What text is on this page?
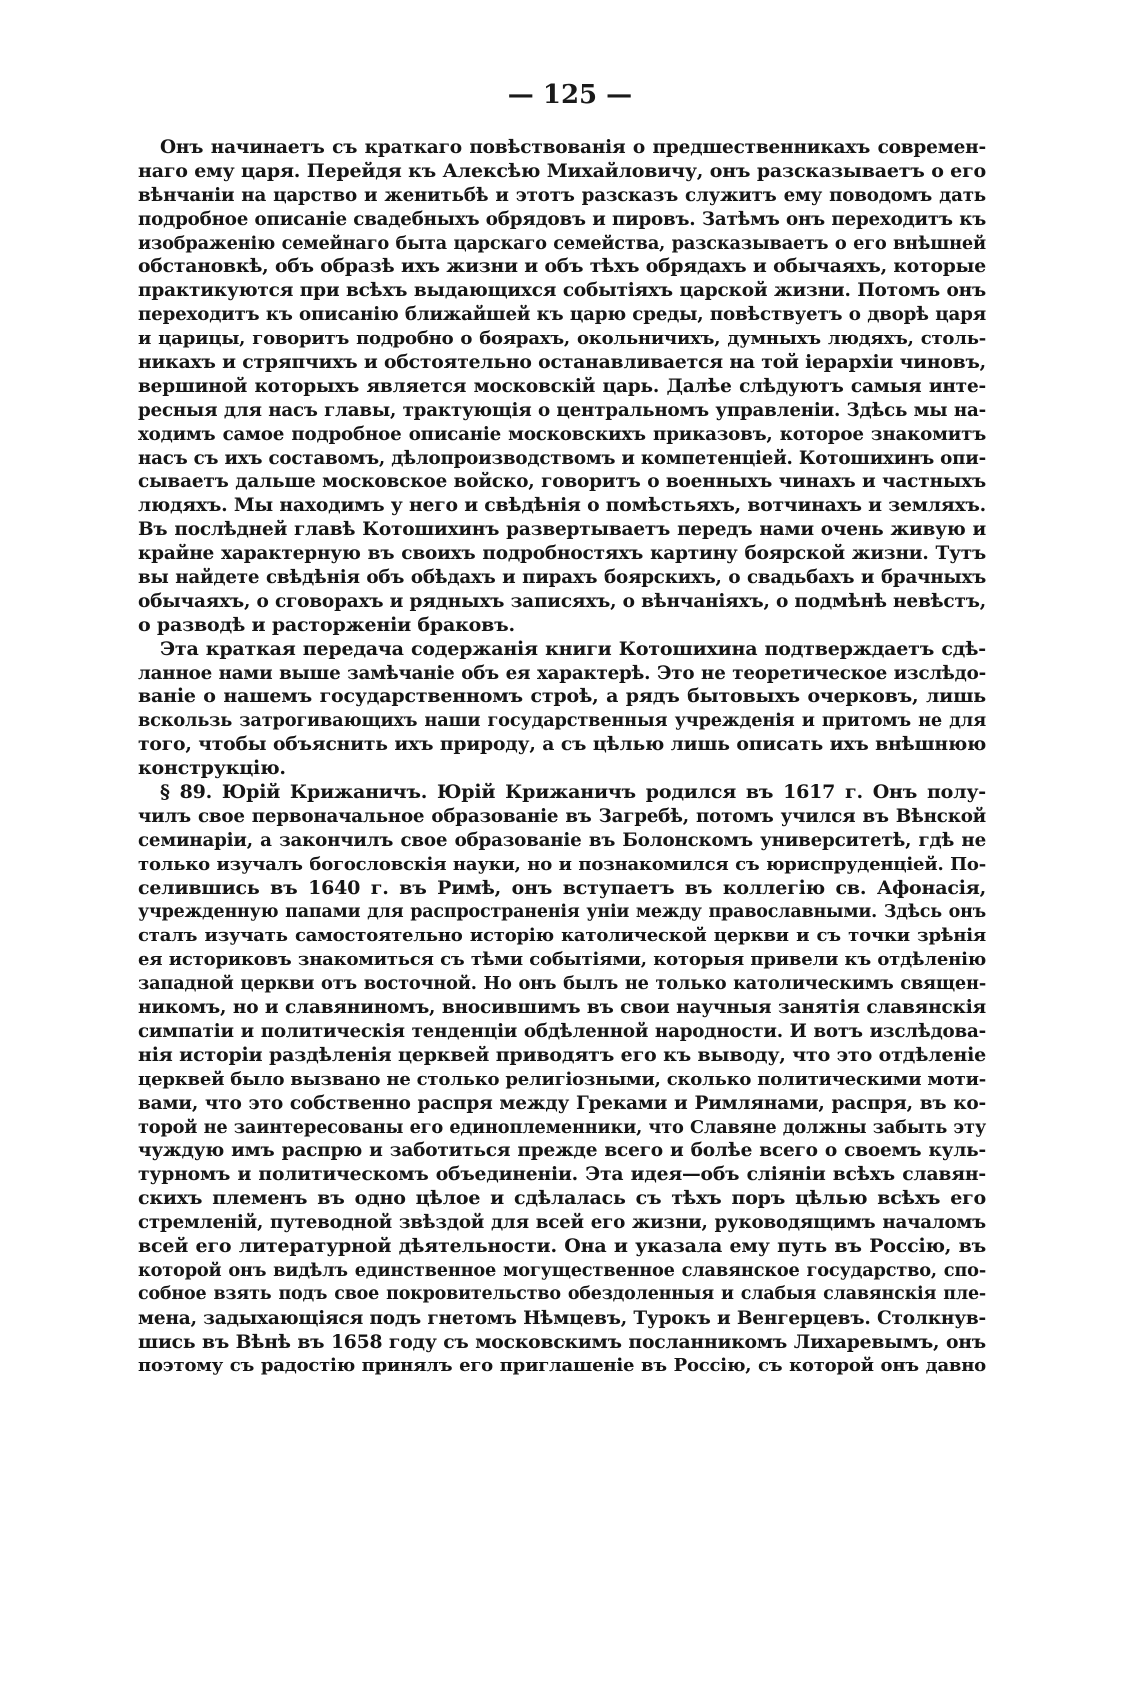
— 125 —
Онъ начинаетъ съ краткаго повѣствованія о предшественникахъ современ-
наго ему царя. Перейдя къ Алексѣю Михайловичу, онъ разсказываетъ о его
вѣнчаніи на царство и женитьбѣ и этотъ разсказъ служитъ ему поводомъ дать
подробное описаніе свадебныхъ обрядовъ и пировъ. Затѣмъ онъ переходитъ къ
изображенію семейнаго быта царскаго семейства, разсказываетъ о его внѣшней
обстановкѣ, объ образѣ ихъ жизни и объ тѣхъ обрядахъ и обычаяхъ, которые
практикуются при всѣхъ выдающихся событіяхъ царской жизни. Потомъ онъ
переходитъ къ описанію ближайшей къ царю среды, повѣствуетъ о дворѣ царя
и царицы, говоритъ подробно о боярахъ, окольничихъ, думныхъ людяхъ, столь-
никахъ и стряпчихъ и обстоятельно останавливается на той іерархіи чиновъ,
вершиной которыхъ является московскій царь. Далѣе слѣдуютъ самыя инте-
ресныя для насъ главы, трактующія о центральномъ управленіи. Здѣсь мы на-
ходимъ самое подробное описаніе московскихъ приказовъ, которое знакомитъ
насъ съ ихъ составомъ, дѣлопроизводствомъ и компетенціей. Котошихинъ опи-
сываетъ дальше московское войско, говоритъ о военныхъ чинахъ и частныхъ
людяхъ. Мы находимъ у него и свѣдѣнія о помѣстьяхъ, вотчинахъ и земляхъ.
Въ послѣдней главѣ Котошихинъ развертываетъ передъ нами очень живую и
крайне характерную въ своихъ подробностяхъ картину боярской жизни. Тутъ
вы найдете свѣдѣнія объ обѣдахъ и пирахъ боярскихъ, о свадьбахъ и брачныхъ
обычаяхъ, о сговорахъ и рядныхъ записяхъ, о вѣнчаніяхъ, о подмѣнѣ невѣстъ,
о разводѣ и расторженіи браковъ.
Эта краткая передача содержанія книги Котошихина подтверждаетъ сдѣ-
ланное нами выше замѣчаніе объ ея характерѣ. Это не теоретическое изслѣдо-
ваніе о нашемъ государственномъ строѣ, а рядъ бытовыхъ очерковъ, лишь
вскользь затрогивающихъ наши государственныя учрежденія и притомъ не для
того, чтобы объяснить ихъ природу, а съ цѣлью лишь описать ихъ внѣшнюю
конструкцію.
§ 89. Юрій Крижаничъ. Юрій Крижаничъ родился въ 1617 г. Онъ полу-
чилъ свое первоначальное образованіе въ Загребѣ, потомъ учился въ Вѣнской
семинаріи, а закончилъ свое образованіе въ Болонскомъ университетѣ, гдѣ не
только изучалъ богословскія науки, но и познакомился съ юриспруденціей. По-
селившись въ 1640 г. въ Римѣ, онъ вступаетъ въ коллегію св. Афонасія,
учрежденную папами для распространенія уніи между православными. Здѣсь онъ
сталъ изучать самостоятельно исторію католической церкви и съ точки зрѣнія
ея историковъ знакомиться съ тѣми событіями, которыя привели къ отдѣленію
западной церкви отъ восточной. Но онъ былъ не только католическимъ священ-
никомъ, но и славяниномъ, вносившимъ въ свои научныя занятія славянскія
симпатіи и политическія тенденціи обдѣленной народности. И вотъ изслѣдова-
нія исторіи раздѣленія церквей приводятъ его къ выводу, что это отдѣленіе
церквей было вызвано не столько религіозными, сколько политическими моти-
вами, что это собственно распря между Греками и Римлянами, распря, въ ко-
торой не заинтересованы его единоплеменники, что Славяне должны забыть эту
чуждую имъ распрю и заботиться прежде всего и болѣе всего о своемъ куль-
турномъ и политическомъ объединеніи. Эта идея—объ сліяніи всѣхъ славян-
скихъ племенъ въ одно цѣлое и сдѣлалась съ тѣхъ поръ цѣлью всѣхъ его
стремленій, путеводной звѣздой для всей его жизни, руководящимъ началомъ
всей его литературной дѣятельности. Она и указала ему путь въ Россію, въ
которой онъ видѣлъ единственное могущественное славянское государство, спо-
собное взять подъ свое покровительство обездоленныя и слабыя славянскія пле-
мена, задыхающіяся подъ гнетомъ Нѣмцевъ, Турокъ и Венгерцевъ. Столкнув-
шись въ Вѣнѣ въ 1658 году съ московскимъ посланникомъ Лихаревымъ, онъ
поэтому съ радостію принялъ его приглашеніе въ Россію, съ которой онъ давно
